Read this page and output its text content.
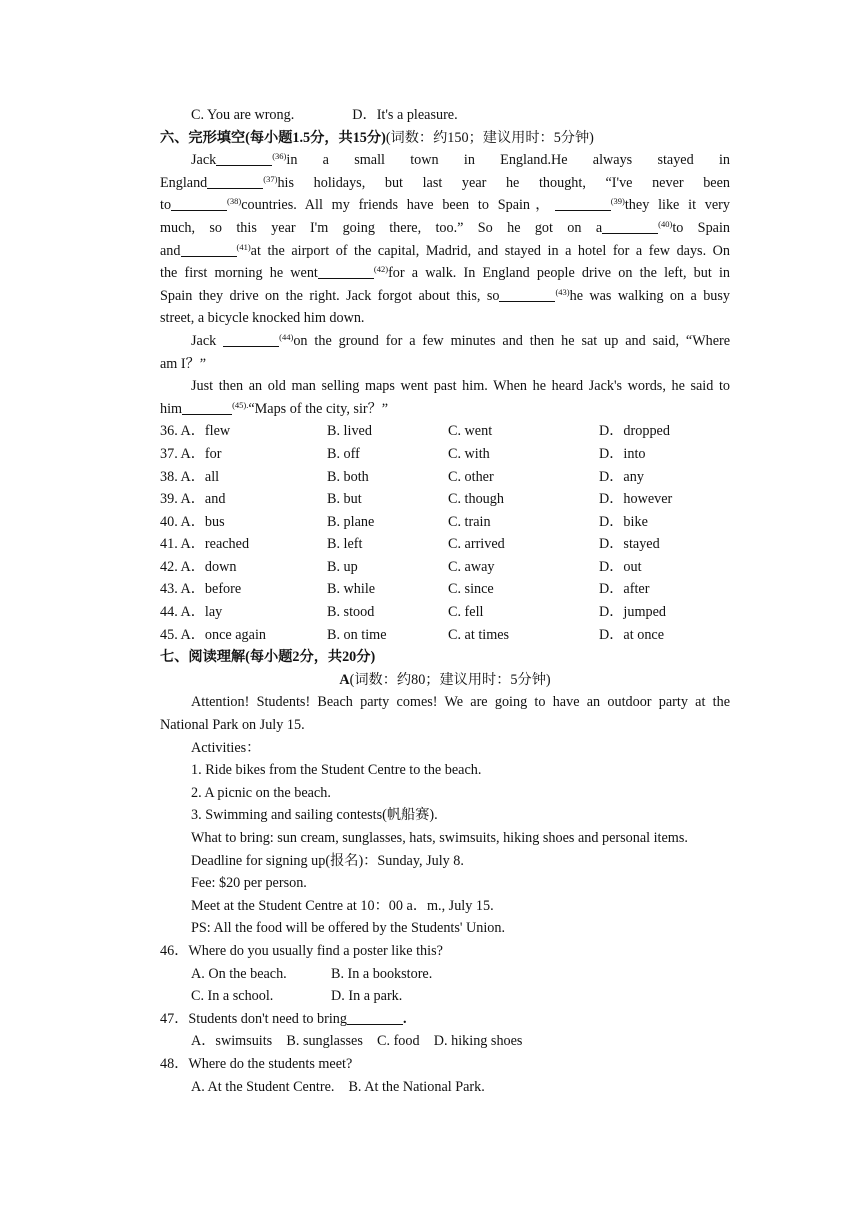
C. You are wrong.	D．It's a pleasure.
六、完形填空(每小题1.5分，共15分)(词数：约150；建议用时：5分钟)
Jack	$^{(36)}$in a small town in England.He always stayed in
England	$^{(37)}$his holidays, but last year he thought, “I've never been
to	$^{(38)}$countries. All my friends have been to Spain，	$^{(39)}$they like it very
much, so this year I'm going there, too.” So he got on a	$^{(40)}$to Spain
and	$^{(41)}$at the airport of the capital, Madrid, and stayed in a hotel for a few days. On
the first morning he went	$^{(42)}$for a walk. In England people drive on the left, but in
Spain they drive on the right. Jack forgot about this, so	$^{(43)}$he was walking on a busy
street, a bicycle knocked him down.
Jack	$^{(44)}$on the ground for a few minutes and then he sat up and said, “Where
am I？”
Just then an old man selling maps went past him. When he heard Jack's words, he said to
him	$^{(45).}$“Maps of the city, sir？”
36. A．flew	B. lived	C. went	D．dropped
37. A．for	B. off	C. with	D．into
38. A．all	B. both	C. other	D．any
39. A．and	B. but	C. though	D．however
40. A．bus	B. plane	C. train	D．bike
41. A．reached	B. left	C. arrived	D．stayed
42. A．down	B. up	C. away	D．out
43. A．before	B. while	C. since	D．after
44. A．lay	B. stood	C. fell	D．jumped
45. A．once again	B. on time	C. at times	D．at once
七、阅读理解(每小题2分，共20分)
A(词数：约80；建议用时：5分钟)
Attention! Students! Beach party comes! We are going to have an outdoor party at the
National Park on July 15.
Activities：
1. Ride bikes from the Student Centre to the beach.
2. A picnic on the beach.
3. Swimming and sailing contests(帆船赛).
What to bring: sun cream, sunglasses, hats, swimsuits, hiking shoes and personal items.
Deadline for signing up(报名)：Sunday, July 8.
Fee: $20 per person.
Meet at the Student Centre at 10：00 a．m., July 15.
PS: All the food will be offered by the Students' Union.
46．Where do you usually find a poster like this?
A. On the beach.	B. In a bookstore.
C. In a school.	D. In a park.
47．Students don't need to bring	.
A．swimsuits    B. sunglasses    C. food    D. hiking shoes
48．Where do the students meet?
A. At the Student Centre. B. At the National Park.
